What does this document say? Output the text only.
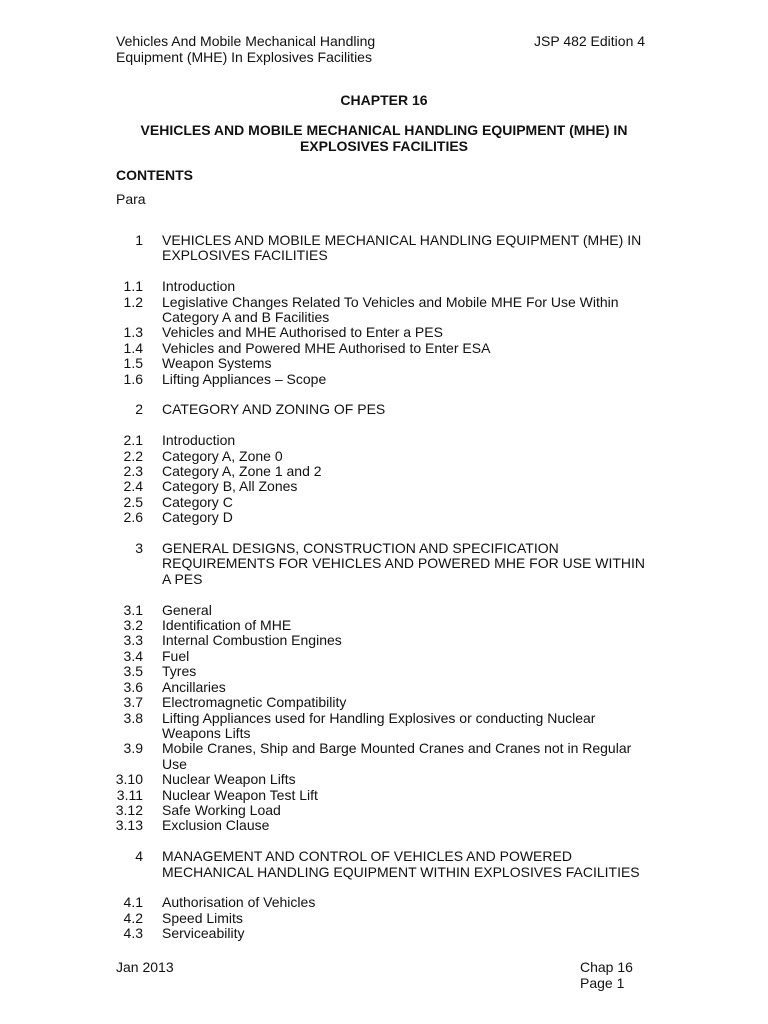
Vehicles And Mobile Mechanical Handling
Equipment (MHE) In Explosives Facilities
JSP 482 Edition 4
CHAPTER 16
VEHICLES AND MOBILE MECHANICAL HANDLING EQUIPMENT (MHE) IN EXPLOSIVES FACILITIES
CONTENTS
Para
1 VEHICLES AND MOBILE MECHANICAL HANDLING EQUIPMENT (MHE) IN EXPLOSIVES FACILITIES
1.1 Introduction
1.2 Legislative Changes Related To Vehicles and Mobile MHE For Use Within Category A and B Facilities
1.3 Vehicles and MHE Authorised to Enter a PES
1.4 Vehicles and Powered MHE Authorised to Enter ESA
1.5 Weapon Systems
1.6 Lifting Appliances – Scope
2 CATEGORY AND ZONING OF PES
2.1 Introduction
2.2 Category A, Zone 0
2.3 Category A, Zone 1 and 2
2.4 Category B, All Zones
2.5 Category C
2.6 Category D
3 GENERAL DESIGNS, CONSTRUCTION AND SPECIFICATION REQUIREMENTS FOR VEHICLES AND POWERED MHE FOR USE WITHIN A PES
3.1 General
3.2 Identification of MHE
3.3 Internal Combustion Engines
3.4 Fuel
3.5 Tyres
3.6 Ancillaries
3.7 Electromagnetic Compatibility
3.8 Lifting Appliances used for Handling Explosives or conducting Nuclear Weapons Lifts
3.9 Mobile Cranes, Ship and Barge Mounted Cranes and Cranes not in Regular Use
3.10 Nuclear Weapon Lifts
3.11 Nuclear Weapon Test Lift
3.12 Safe Working Load
3.13 Exclusion Clause
4 MANAGEMENT AND CONTROL OF VEHICLES AND POWERED MECHANICAL HANDLING EQUIPMENT WITHIN EXPLOSIVES FACILITIES
4.1 Authorisation of Vehicles
4.2 Speed Limits
4.3 Serviceability
Jan 2013	Chap 16
Page 1
